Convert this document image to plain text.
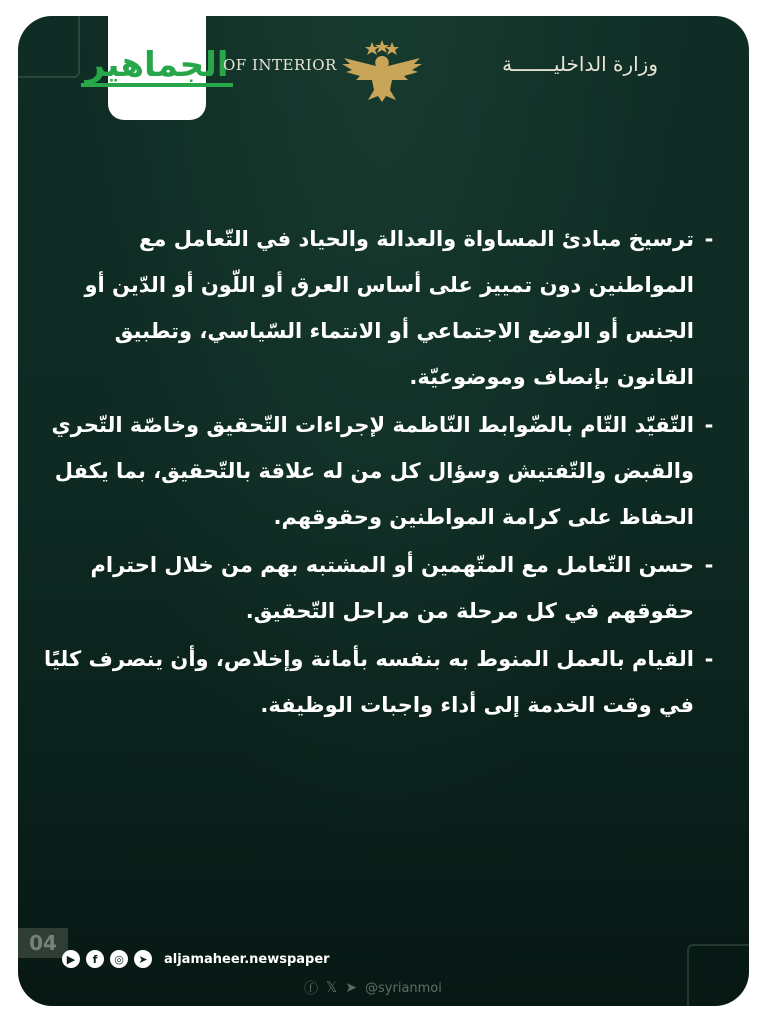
الجماهير
OF INTERIOR	وزارة الداخليـــــــة
-
ترسيخ مبادئ المساواة والعدالة والحياد في التّعامل مع المواطنين دون تمييز على أساس العرق أو اللّون أو الدّين أو الجنس أو الوضع الاجتماعي أو الانتماء السّياسي، وتطبيق القانون بإنصاف وموضوعيّة.
-
التّقيّد التّام بالضّوابط النّاظمة لإجراءات التّحقيق وخاصّة التّحري والقبض والتّفتيش وسؤال كل من له علاقة بالتّحقيق، بما يكفل الحفاظ على كرامة المواطنين وحقوقهم.
-
حسن التّعامل مع المتّهمين أو المشتبه بهم من خلال احترام حقوقهم في كل مرحلة من مراحل التّحقيق.
-
القيام بالعمل المنوط به بنفسه بأمانة وإخلاص، وأن ينصرف كليًا في وقت الخدمة إلى أداء واجبات الوظيفة.
04
▶	f	◎	➤	aljamaheer.newspaper
ⓕ 𝕏 ➤ @syrianmoi
